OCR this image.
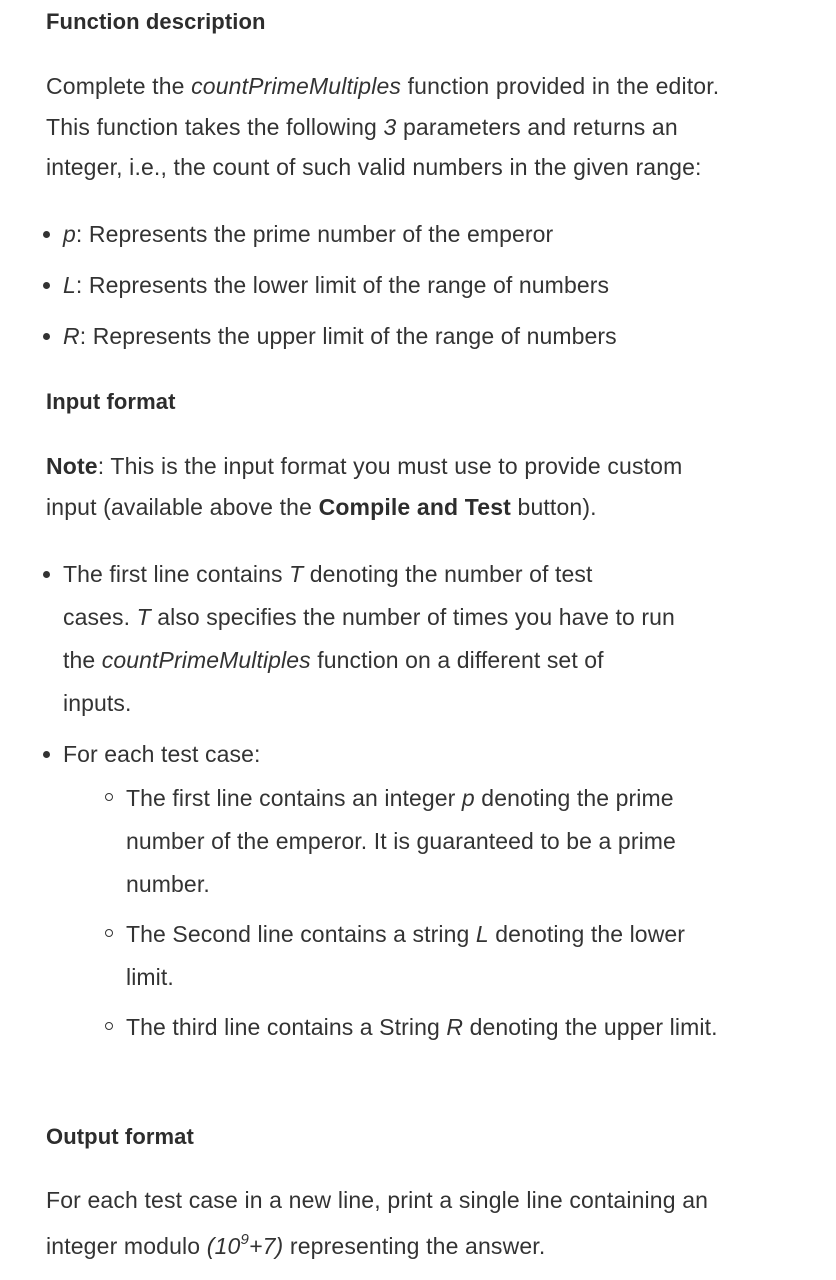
Function description

Complete the countPrimeMultiples function provided in the editor.

This function takes the following 3 parameters and returns an

integer, i.e., the count of such valid numbers in the given range:

p: Represents the prime number of the emperor
L: Represents the lower limit of the range of numbers
R: Represents the upper limit of the range of numbers
Input format

Note: This is the input format you must use to provide custom

input (available above the Compile and Test button).

The first line contains T denoting the number of test
cases. T also specifies the number of times you have to run
the countPrimeMultiples function on a different set of
inputs.
For each test case:
The first line contains an integer p denoting the prime number of the emperor. It is guaranteed to be a prime number.
The Second line contains a string L denoting the lower limit.
The third line contains a String R denoting the upper limit.
Output format

For each test case in a new line, print a single line containing an

integer modulo $(10^9+7)$ representing the answer.
